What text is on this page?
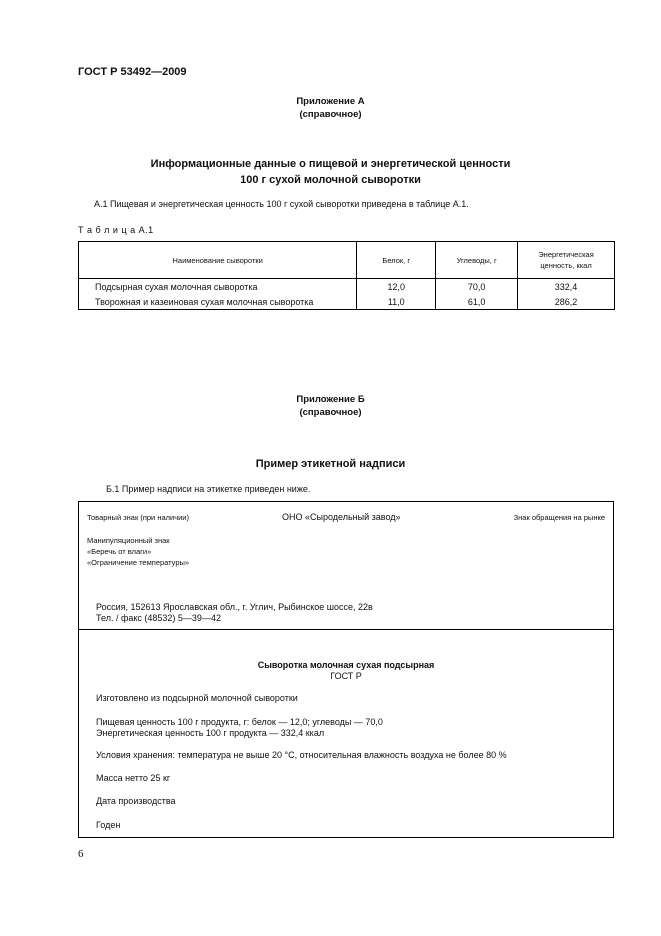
ГОСТ Р 53492—2009
Приложение А
(справочное)
Информационные данные о пищевой и энергетической ценности
100 г сухой молочной сыворотки
А.1 Пищевая и энергетическая ценность 100 г сухой сыворотки приведена в таблице А.1.
Т а б л и ц а А.1
Наименование сыворотки	Белок, г	Углеводы, г	Энергетическая ценность, ккал
Подсырная сухая молочная сыворотка	12,0	70,0	332,4
Творожная и казеиновая сухая молочная сыворотка	11,0	61,0	286,2
Приложение Б
(справочное)
Пример этикетной надписи
Б.1 Пример надписи на этикетке приведен ниже.
Товарный знак (при наличии)	ОНО «Сыродельный завод»	Знак обращения на рынке
Манипуляционный знак
«Беречь от влаги»
«Ограничение температуры»
Россия, 152613 Ярославская обл., г. Углич, Рыбинское шоссе, 22в
Тел. / факс (48532) 5—39—42
Сыворотка молочная сухая подсырная
ГОСТ Р
Изготовлено из подсырной молочной сыворотки
Пищевая ценность 100 г продукта, г: белок — 12,0; углеводы — 70,0
Энергетическая ценность 100 г продукта — 332,4 ккал
Условия хранения: температура не выше 20 °С, относительная влажность воздуха не более 80 %
Масса нетто 25 кг
Дата производства
Годен
6
